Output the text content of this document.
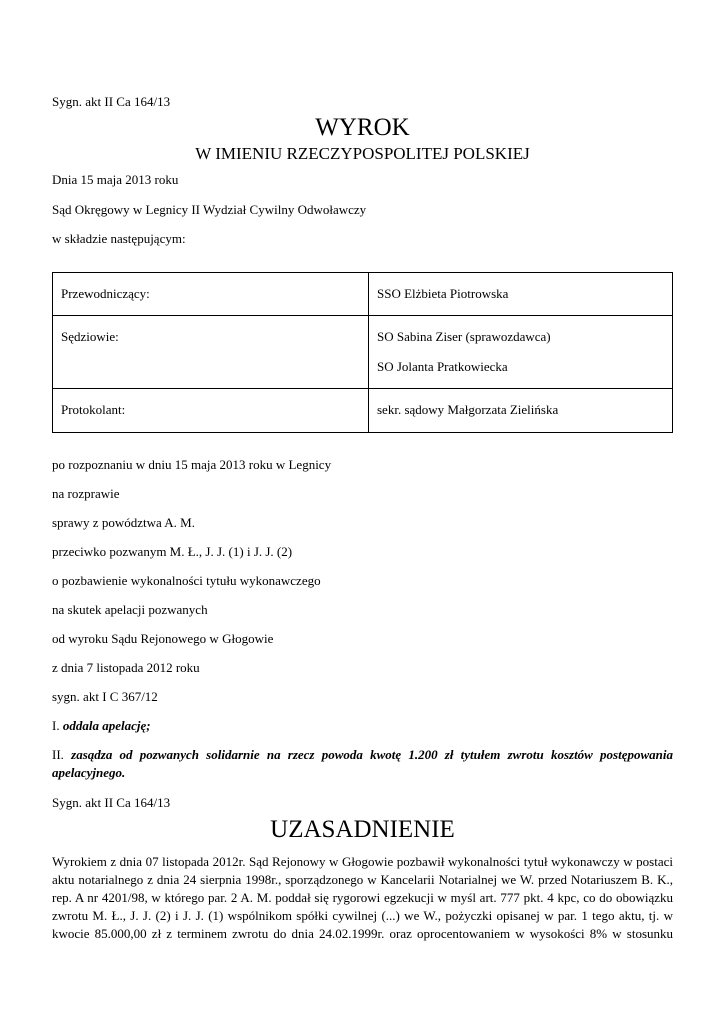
Sygn. akt II Ca 164/13
WYROK
W IMIENIU RZECZYPOSPOLITEJ POLSKIEJ
Dnia 15 maja 2013 roku
Sąd Okręgowy w Legnicy II Wydział Cywilny Odwoławczy
w składzie następującym:
Przewodniczący:	SSO Elżbieta Piotrowska
Sędziowie:	SO Sabina Ziser (sprawozdawca)
SO Jolanta Pratkowiecka

Protokolant:	sekr. sądowy Małgorzata Zielińska
po rozpoznaniu w dniu 15 maja 2013 roku w Legnicy
na rozprawie
sprawy z powództwa A. M.
przeciwko pozwanym M. Ł., J. J. (1) i J. J. (2)
o pozbawienie wykonalności tytułu wykonawczego
na skutek apelacji pozwanych
od wyroku Sądu Rejonowego w Głogowie
z dnia 7 listopada 2012 roku
sygn. akt I C 367/12
I. oddala apelację;
II. zasądza od pozwanych solidarnie na rzecz powoda kwotę 1.200 zł tytułem zwrotu kosztów postępowania apelacyjnego.
Sygn. akt II Ca 164/13
UZASADNIENIE
Wyrokiem z dnia 07 listopada 2012r. Sąd Rejonowy w Głogowie pozbawił wykonalności tytuł wykonawczy w postaci
aktu notarialnego z dnia 24 sierpnia 1998r., sporządzonego w Kancelarii Notarialnej we W. przed Notariuszem B. K.,
rep. A nr 4201/98, w którego par. 2 A. M. poddał się rygorowi egzekucji w myśl art. 777 pkt. 4 kpc, co do obowiązku
zwrotu M. Ł., J. J. (2) i J. J. (1) wspólnikom spółki cywilnej (...) we W., pożyczki opisanej w par. 1 tego aktu, tj. w
kwocie 85.000,00 zł z terminem zwrotu do dnia 24.02.1999r. oraz oprocentowaniem w wysokości 8% w stosunku
